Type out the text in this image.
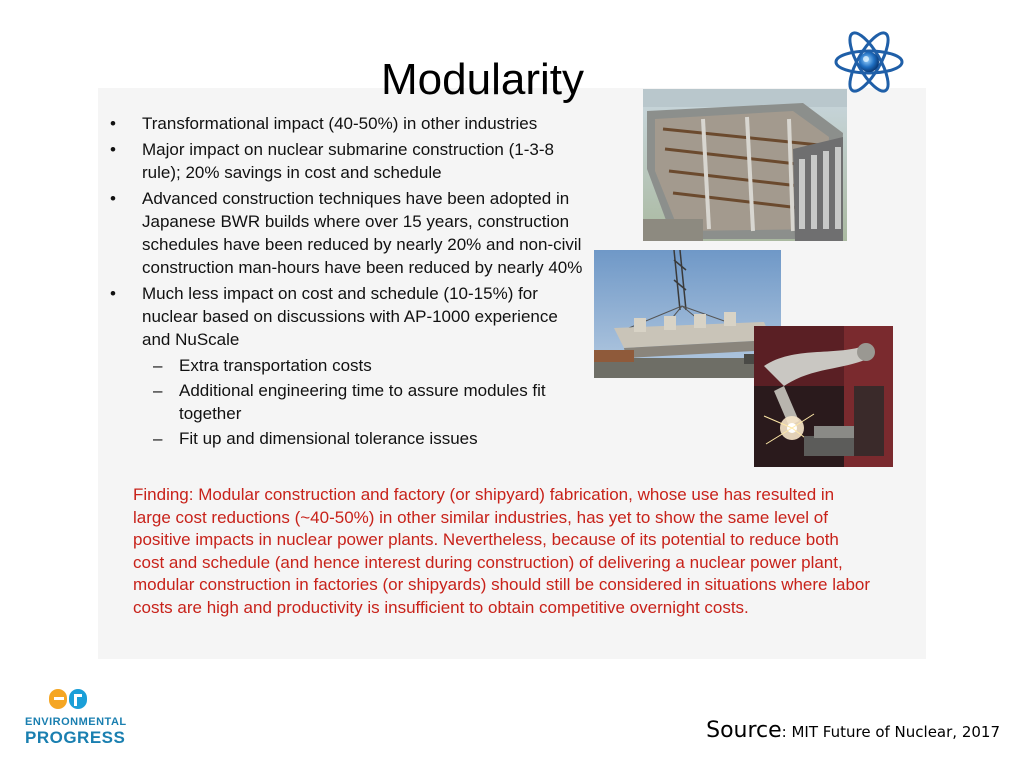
Modularity
• Transformational impact (40-50%) in other industries
• Major impact on nuclear submarine construction (1-3-8 rule); 20% savings in cost and schedule
• Advanced construction techniques have been adopted in Japanese BWR builds where over 15 years, construction schedules have been reduced by nearly 20% and non-civil construction man-hours have been reduced by nearly 40%
• Much less impact on cost and schedule (10-15%) for nuclear based on discussions with AP-1000 experience and NuScale
– Extra transportation costs
– Additional engineering time to assure modules fit together
– Fit up and dimensional tolerance issues
Finding: Modular construction and factory (or shipyard) fabrication, whose use has resulted in large cost reductions (~40-50%) in other similar industries, has yet to show the same level of positive impacts in nuclear power plants. Nevertheless, because of its potential to reduce both cost and schedule (and hence interest during construction) of delivering a nuclear power plant, modular construction in factories (or shipyards) should still be considered in situations where labor costs are high and productivity is insufficient to obtain competitive overnight costs.
ENVIRONMENTAL
PROGRESS	Source: MIT Future of Nuclear, 2017
